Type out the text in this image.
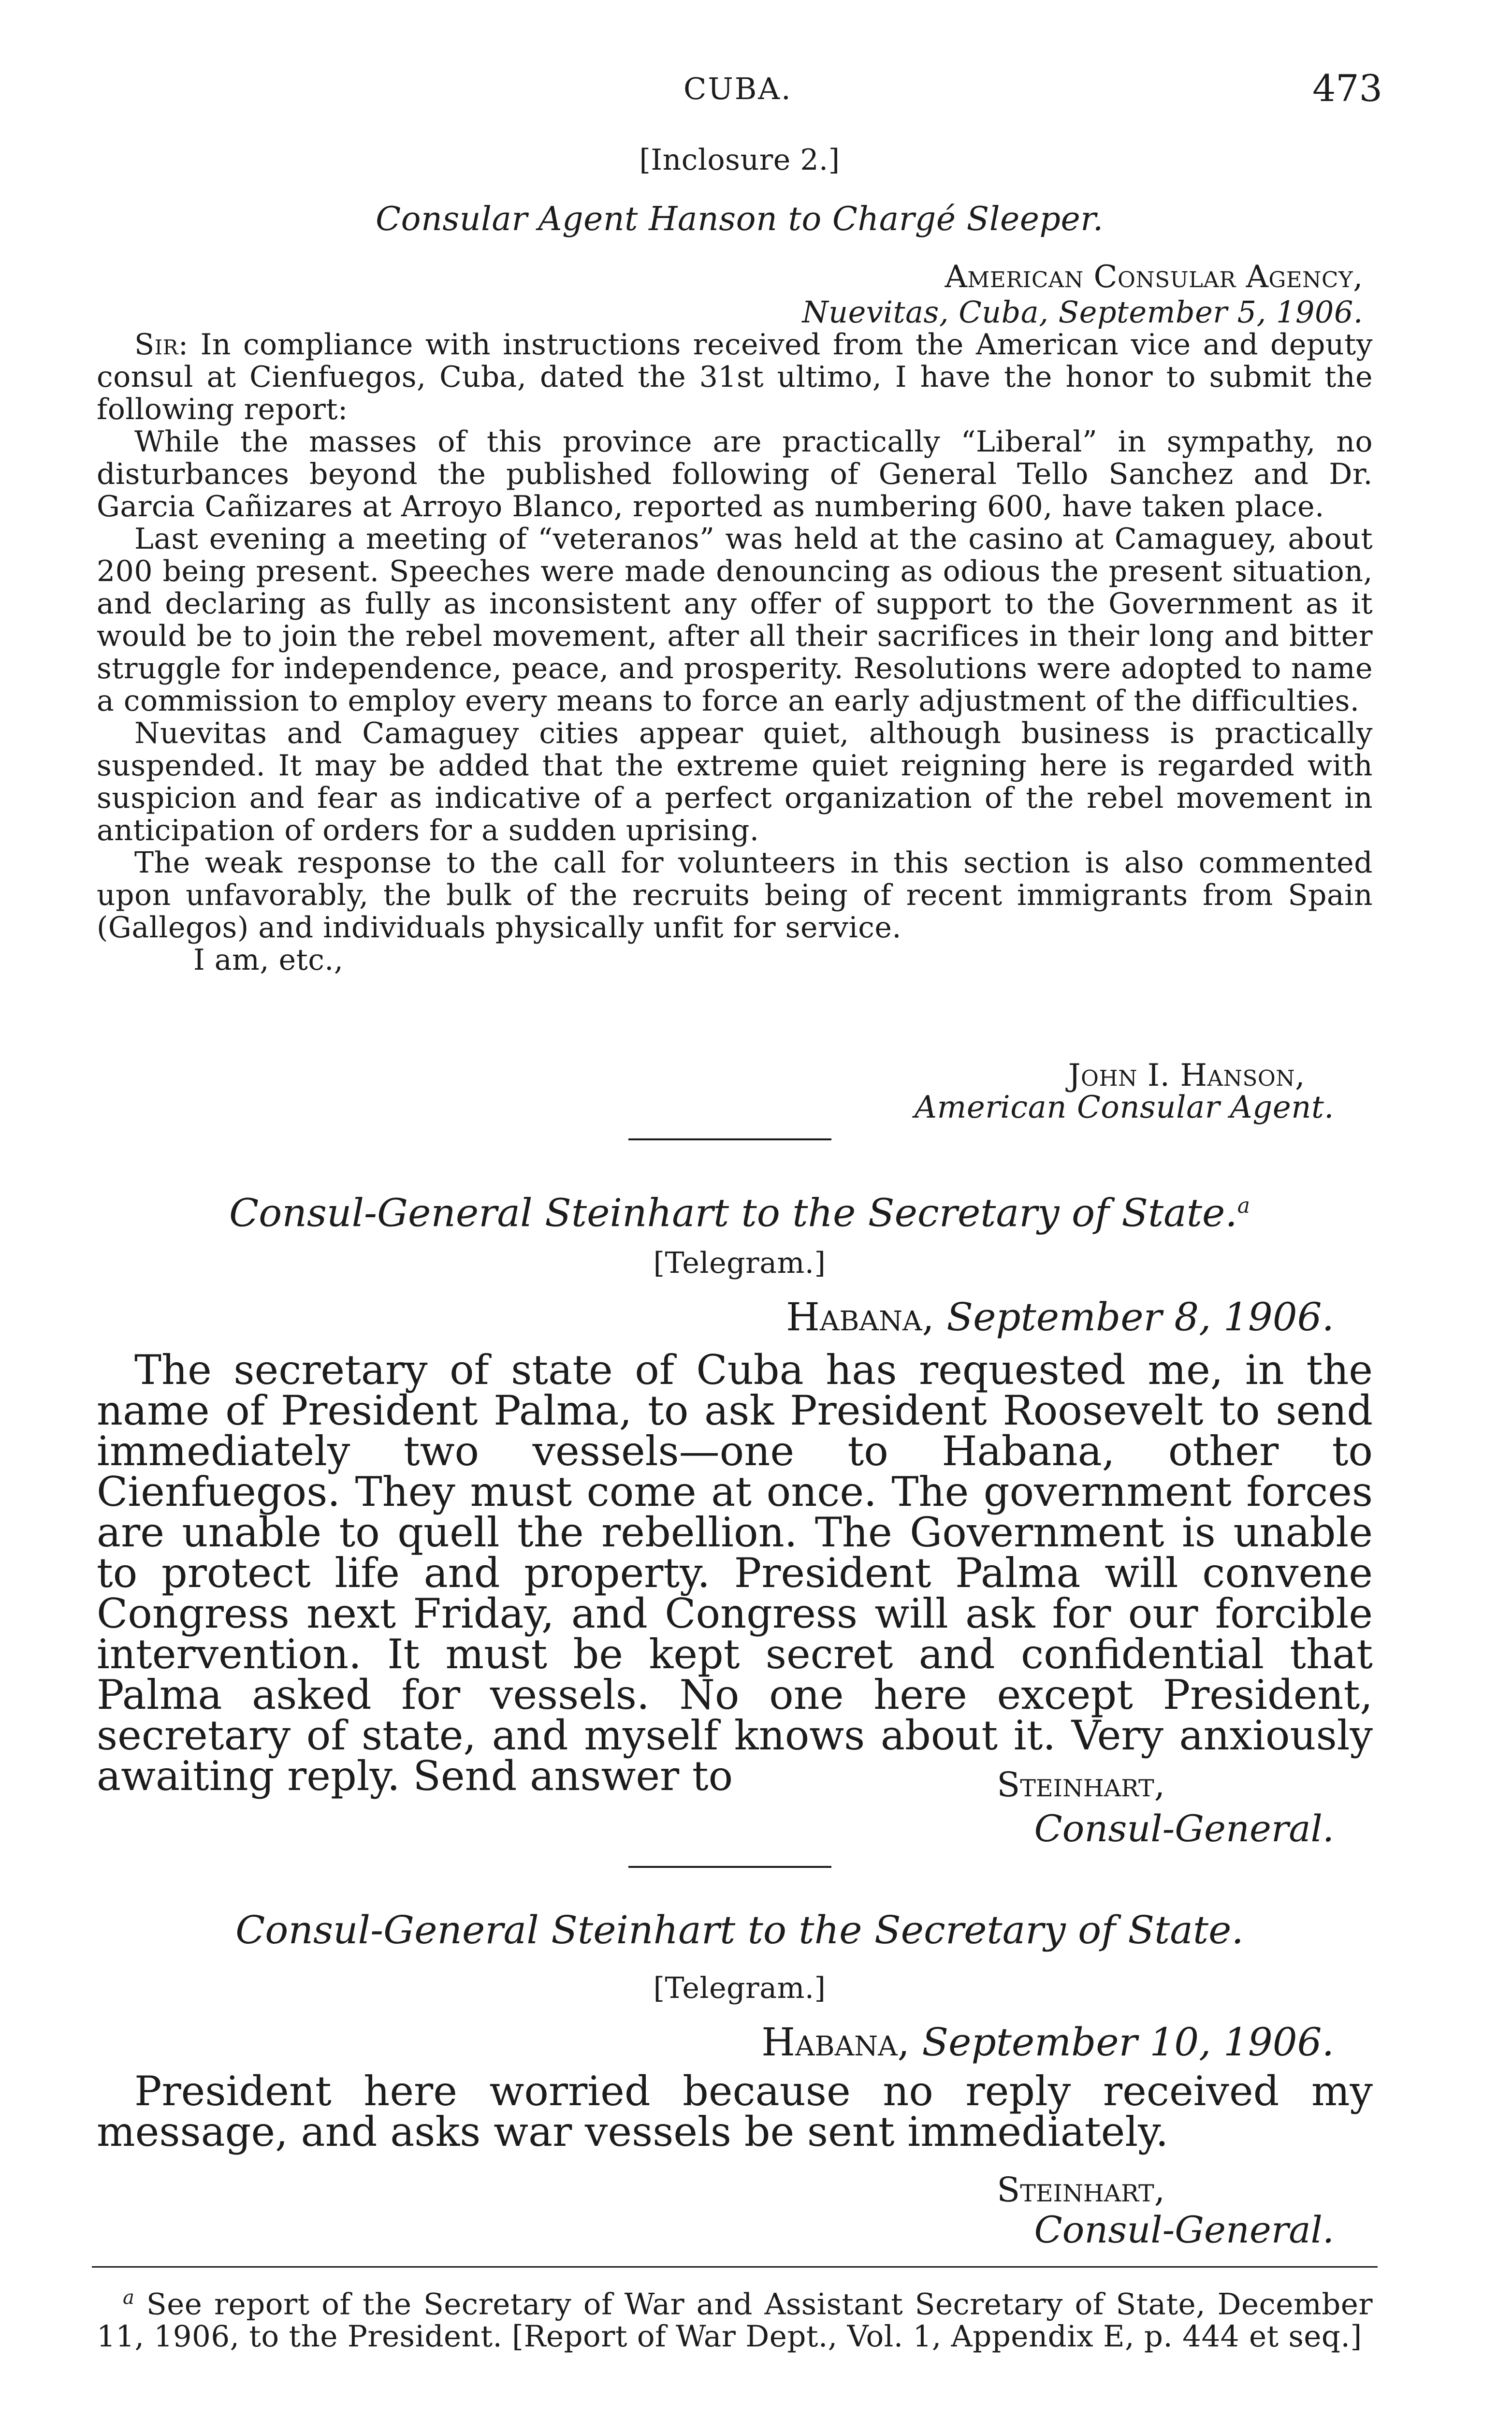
CUBA.	473
[Inclosure 2.]
Consular Agent Hanson to Chargé Sleeper.
American Consular Agency,
Nuevitas, Cuba, September 5, 1906.

Sir: In compliance with instructions received from the American vice and deputy consul at Cienfuegos, Cuba, dated the 31st ultimo, I have the honor to submit the following report:

While the masses of this province are practically “Liberal” in sympathy, no disturbances beyond the published following of General Tello Sanchez and Dr. Garcia Cañizares at Arroyo Blanco, reported as numbering 600, have taken place.

Last evening a meeting of “veteranos” was held at the casino at Camaguey, about 200 being present. Speeches were made denouncing as odious the present situation, and declaring as fully as inconsistent any offer of support to the Government as it would be to join the rebel movement, after all their sacrifices in their long and bitter struggle for independence, peace, and prosperity. Resolutions were adopted to name a commission to employ every means to force an early adjustment of the difficulties.

Nuevitas and Camaguey cities appear quiet, although business is practically suspended. It may be added that the extreme quiet reigning here is regarded with suspicion and fear as indicative of a perfect organization of the rebel movement in anticipation of orders for a sudden uprising.

The weak response to the call for volunteers in this section is also commented upon unfavorably, the bulk of the recruits being of recent immigrants from Spain (Gallegos) and individuals physically unfit for service.

I am, etc.,

John I. Hanson,
American Consular Agent.
Consul-General Steinhart to the Secretary of State.$^a$
[Telegram.]
Habana, September 8, 1906.

The secretary of state of Cuba has requested me, in the name of President Palma, to ask President Roosevelt to send immediately two vessels—one to Habana, other to Cienfuegos. They must come at once. The government forces are unable to quell the rebellion. The Government is unable to protect life and property. President Palma will convene Congress next Friday, and Congress will ask for our forcible intervention. It must be kept secret and confidential that Palma asked for vessels. No one here except President, secretary of state, and myself knows about it. Very anxiously awaiting reply. Send answer to	Steinhart,
Consul-General.
Consul-General Steinhart to the Secretary of State.
[Telegram.]
Habana, September 10, 1906.

President here worried because no reply received my message, and asks war vessels be sent immediately.

Steinhart,
Consul-General.

$^a$ See report of the Secretary of War and Assistant Secretary of State, December 11, 1906, to the President. [Report of War Dept., Vol. 1, Appendix E, p. 444 et seq.]
